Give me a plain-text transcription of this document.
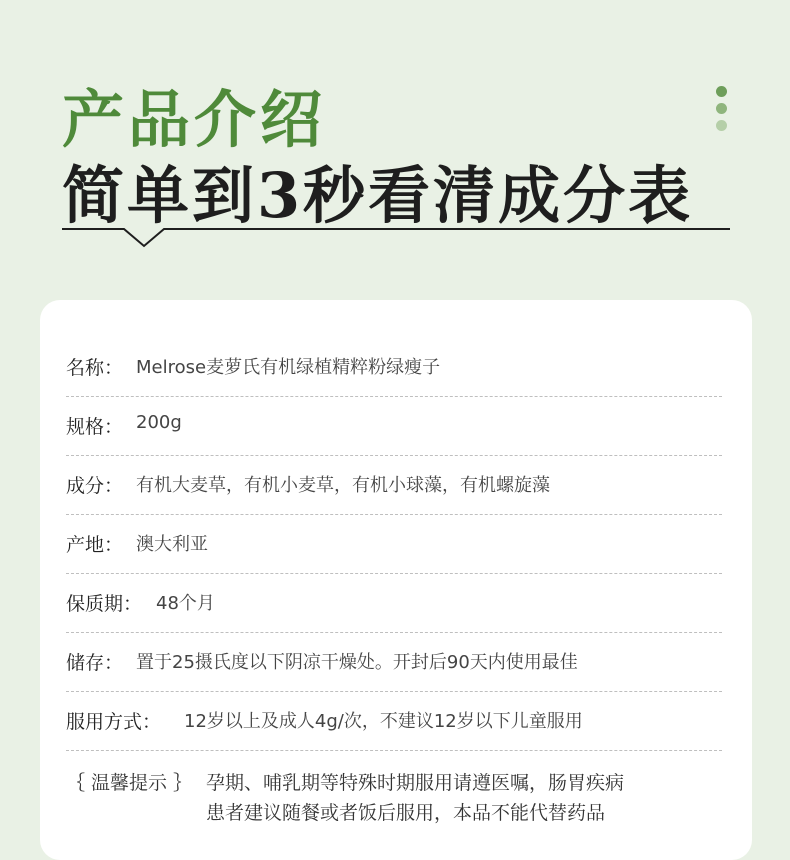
产品介绍
简单到3秒看清成分表
名称： Melrose麦萝氏有机绿植精粹粉绿瘦子
规格： 200g
成分： 有机大麦草，有机小麦草，有机小球藻，有机螺旋藻
产地： 澳大利亚
保质期： 48个月
储存： 置于25摄氏度以下阴凉干燥处。开封后90天内使用最佳
服用方式： 12岁以上及成人4g/次，不建议12岁以下儿童服用
｛ 温馨提示 ｝ 孕期、哺乳期等特殊时期服用请遵医嘱，肠胃疾病
患者建议随餐或者饭后服用，本品不能代替药品
